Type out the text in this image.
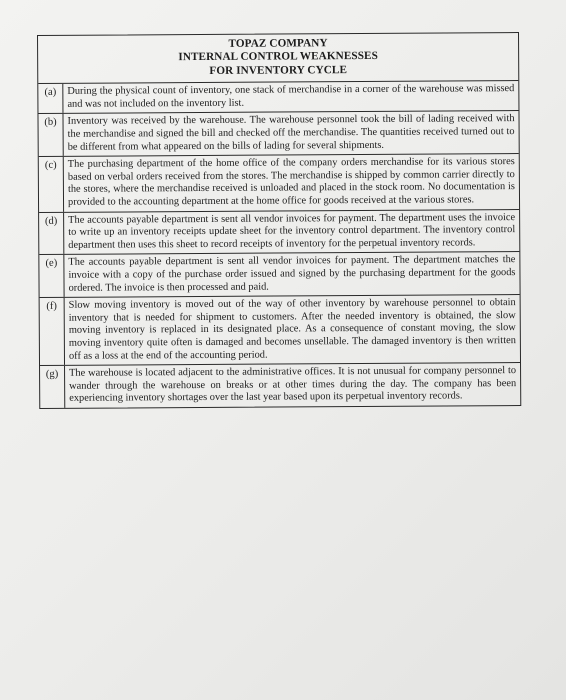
TOPAZ COMPANY
INTERNAL CONTROL WEAKNESSES
FOR INVENTORY CYCLE
(a)	During the physical count of inventory, one stack of merchandise in a corner of the warehouse was missed and was not included on the inventory list.
(b)	Inventory was received by the warehouse. The warehouse personnel took the bill of lading received with the merchandise and signed the bill and checked off the merchandise. The quantities received turned out to be different from what appeared on the bills of lading for several shipments.
(c)	The purchasing department of the home office of the company orders merchandise for its various stores based on verbal orders received from the stores. The merchandise is shipped by common carrier directly to the stores, where the merchandise received is unloaded and placed in the stock room. No documentation is provided to the accounting department at the home office for goods received at the various stores.
(d)	The accounts payable department is sent all vendor invoices for payment. The department uses the invoice to write up an inventory receipts update sheet for the inventory control department. The inventory control department then uses this sheet to record receipts of inventory for the perpetual inventory records.
(e)	The accounts payable department is sent all vendor invoices for payment. The department matches the invoice with a copy of the purchase order issued and signed by the purchasing department for the goods ordered. The invoice is then processed and paid.
(f)	Slow moving inventory is moved out of the way of other inventory by warehouse personnel to obtain inventory that is needed for shipment to customers. After the needed inventory is obtained, the slow moving inventory is replaced in its designated place. As a consequence of constant moving, the slow moving inventory quite often is damaged and becomes unsellable. The damaged inventory is then written off as a loss at the end of the accounting period.
(g)	The warehouse is located adjacent to the administrative offices. It is not unusual for company personnel to wander through the warehouse on breaks or at other times during the day. The company has been experiencing inventory shortages over the last year based upon its perpetual inventory records.
